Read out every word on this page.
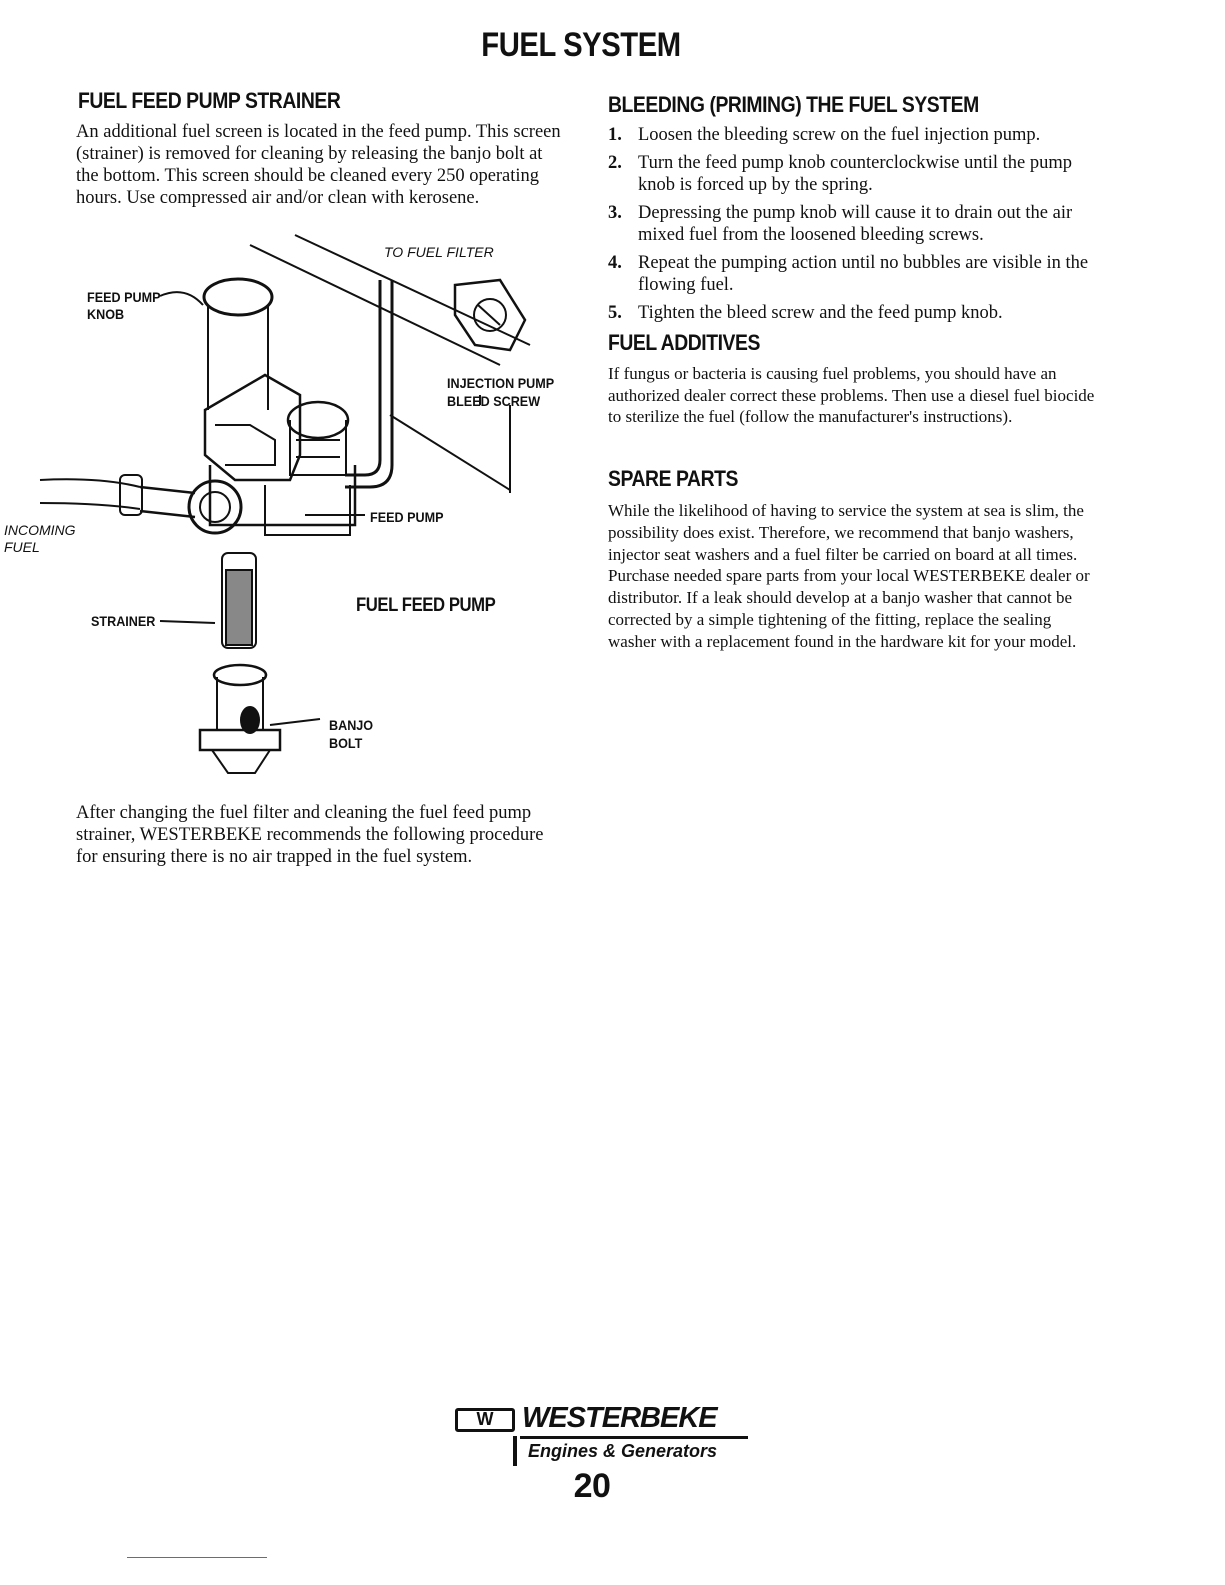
FUEL SYSTEM
FUEL FEED PUMP STRAINER
An additional fuel screen is located in the feed pump. This screen (strainer) is removed for cleaning by releasing the banjo bolt at the bottom. This screen should be cleaned every 250 operating hours. Use compressed air and/or clean with kerosene.
TO FUEL FILTER
FEED PUMP
KNOB
INJECTION PUMP
BLEED SCREW
FEED PUMP
INCOMING
FUEL
FUEL FEED PUMP
STRAINER
BANJO
BOLT
After changing the fuel filter and cleaning the fuel feed pump strainer, WESTERBEKE recommends the following procedure for ensuring there is no air trapped in the fuel system.
BLEEDING (PRIMING) THE FUEL SYSTEM
1. Loosen the bleeding screw on the fuel injection pump.
2. Turn the feed pump knob counterclockwise until the pump knob is forced up by the spring.
3. Depressing the pump knob will cause it to drain out the air mixed fuel from the loosened bleeding screws.
4. Repeat the pumping action until no bubbles are visible in the flowing fuel.
5. Tighten the bleed screw and the feed pump knob.
FUEL ADDITIVES
If fungus or bacteria is causing fuel problems, you should have an authorized dealer correct these problems. Then use a diesel fuel biocide to sterilize the fuel (follow the manufacturer's instructions).
SPARE PARTS
While the likelihood of having to service the system at sea is slim, the possibility does exist. Therefore, we recommend that banjo washers, injector seat washers and a fuel filter be carried on board at all times. Purchase needed spare parts from your local WESTERBEKE dealer or distributor. If a leak should develop at a banjo washer that cannot be corrected by a simple tightening of the fitting, replace the sealing washer with a replacement found in the hardware kit for your model.
W WESTERBEKE
Engines & Generators
20
